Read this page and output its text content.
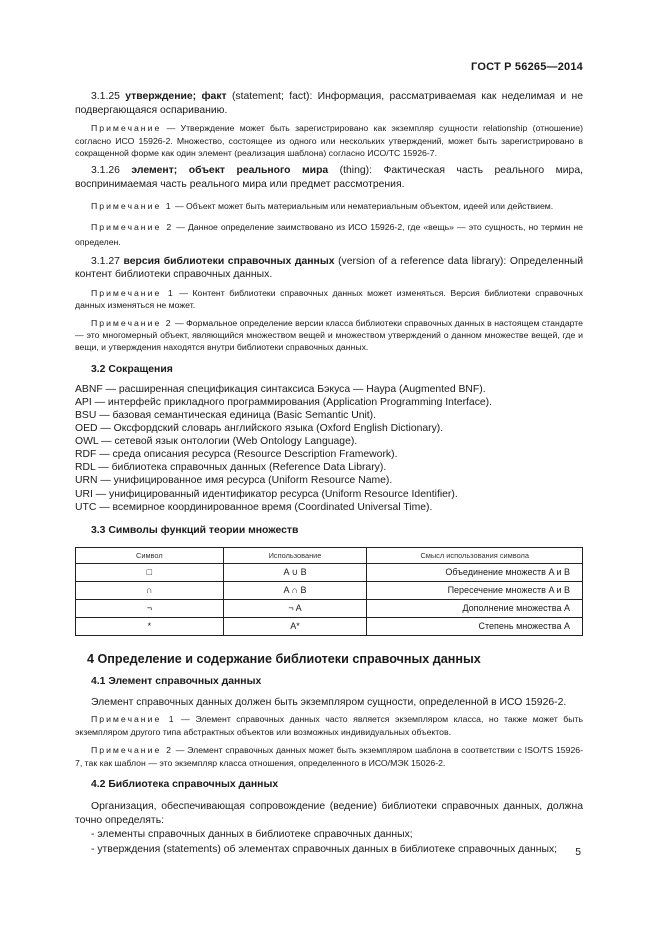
ГОСТ Р 56265—2014

3.1.25 утверждение; факт (statement; fact): Информация, рассматриваемая как неделимая и не подвергающаяся оспариванию.

Примечание — Утверждение может быть зарегистрировано как экземпляр сущности relationship (отношение) согласно ИСО 15926-2. Множество, состоящее из одного или нескольких утверждений, может быть зарегистрировано в сокращенной форме как один элемент (реализация шаблона) согласно ИСО/ТС 15926-7.

3.1.26 элемент; объект реального мира (thing): Фактическая часть реального мира, воспринимаемая часть реального мира или предмет рассмотрения.

Примечание 1 — Объект может быть материальным или нематериальным объектом, идеей или действием.

Примечание 2 — Данное определение заимствовано из ИСО 15926-2, где «вещь» — это сущность, но термин не определен.

3.1.27 версия библиотеки справочных данных (version of a reference data library): Определенный контент библиотеки справочных данных.

Примечание 1 — Контент библиотеки справочных данных может изменяться. Версия библиотеки справочных данных изменяться не может.

Примечание 2 — Формальное определение версии класса библиотеки справочных данных в настоящем стандарте — это многомерный объект, являющийся множеством вещей и множеством утверждений о данном множестве вещей, где и вещи, и утверждения находятся внутри библиотеки справочных данных.

3.2 Сокращения

ABNF — расширенная спецификация синтаксиса Бэкуса — Наура (Augmented BNF).

API — интерфейс прикладного программирования (Application Programming Interface).

BSU — базовая семантическая единица (Basic Semantic Unit).

OED — Оксфордский словарь английского языка (Oxford English Dictionary).

OWL — сетевой язык онтологии (Web Ontology Language).

RDF — среда описания ресурса (Resource Description Framework).

RDL — библиотека справочных данных (Reference Data Library).

URN — унифицированное имя ресурса (Uniform Resource Name).

URI — унифицированный идентификатор ресурса (Uniform Resource Identifier).

UTC — всемирное координированное время (Coordinated Universal Time).

3.3 Символы функций теории множеств

Символ	Использование	Смысл использования символа
□	A ∪ B	Объединение множеств A и B
∩	A ∩ B	Пересечение множеств A и B
¬	¬ A	Дополнение множества A
*	A*	Степень множества A

4 Определение и содержание библиотеки справочных данных

4.1 Элемент справочных данных

Элемент справочных данных должен быть экземпляром сущности, определенной в ИСО 15926-2.

Примечание 1 — Элемент справочных данных часто является экземпляром класса, но также может быть экземпляром другого типа абстрактных объектов или возможных индивидуальных объектов.

Примечание 2 — Элемент справочных данных может быть экземпляром шаблона в соответствии с ISO/TS 15926-7, так как шаблон — это экземпляр класса отношения, определенного в ИСО/МЭК 15026-2.

4.2 Библиотека справочных данных

Организация, обеспечивающая сопровождение (ведение) библиотеки справочных данных, должна точно определять:

- элементы справочных данных в библиотеке справочных данных;

- утверждения (statements) об элементах справочных данных в библиотеке справочных данных;	5
